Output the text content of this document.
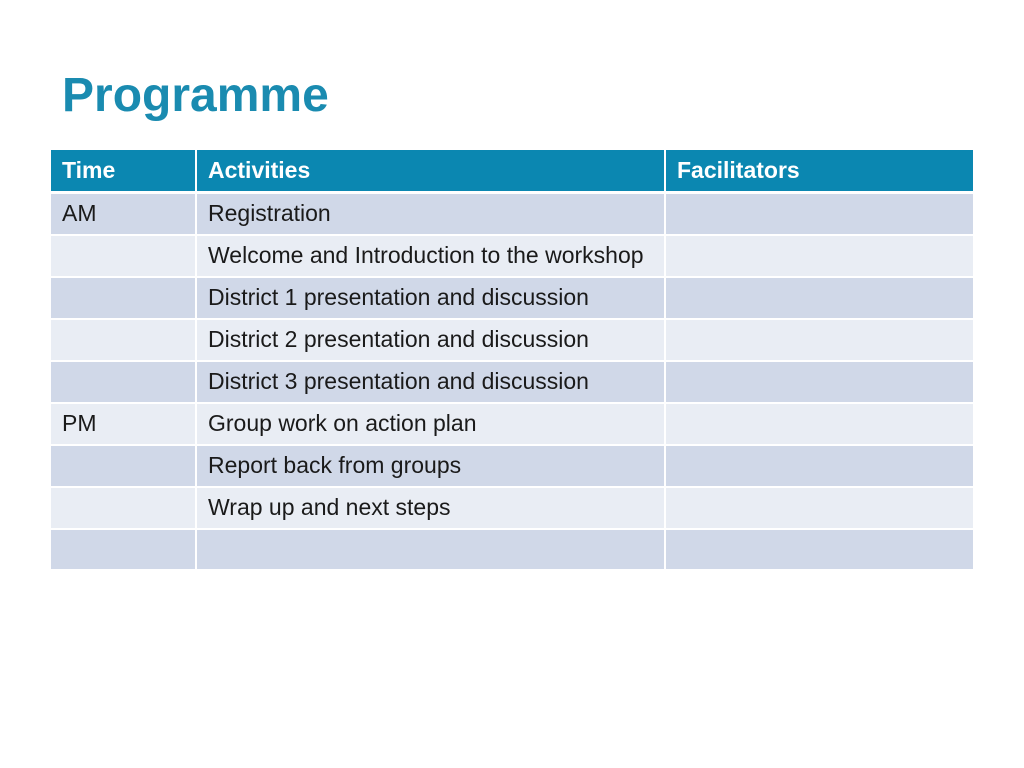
Programme
Time	Activities	Facilitators
AM	Registration	
	Welcome and Introduction to the workshop	
	District 1 presentation and discussion	
	District 2 presentation and discussion	
	District 3 presentation and discussion	
PM	Group work on action plan	
	Report back from groups	
	Wrap up and next steps	
